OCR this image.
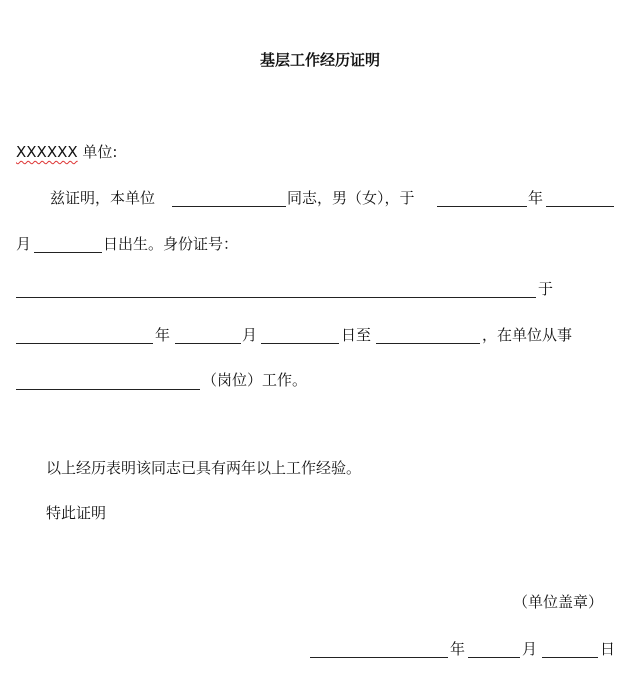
基层工作经历证明
XXXXXX 单位:
兹证明，本单位	同志，男（女），于	年
月	日出生。身份证号：
于
年	月	日至	，在单位从事
（岗位）工作。
以上经历表明该同志已具有两年以上工作经验。
特此证明
（单位盖章）
年	月	日
